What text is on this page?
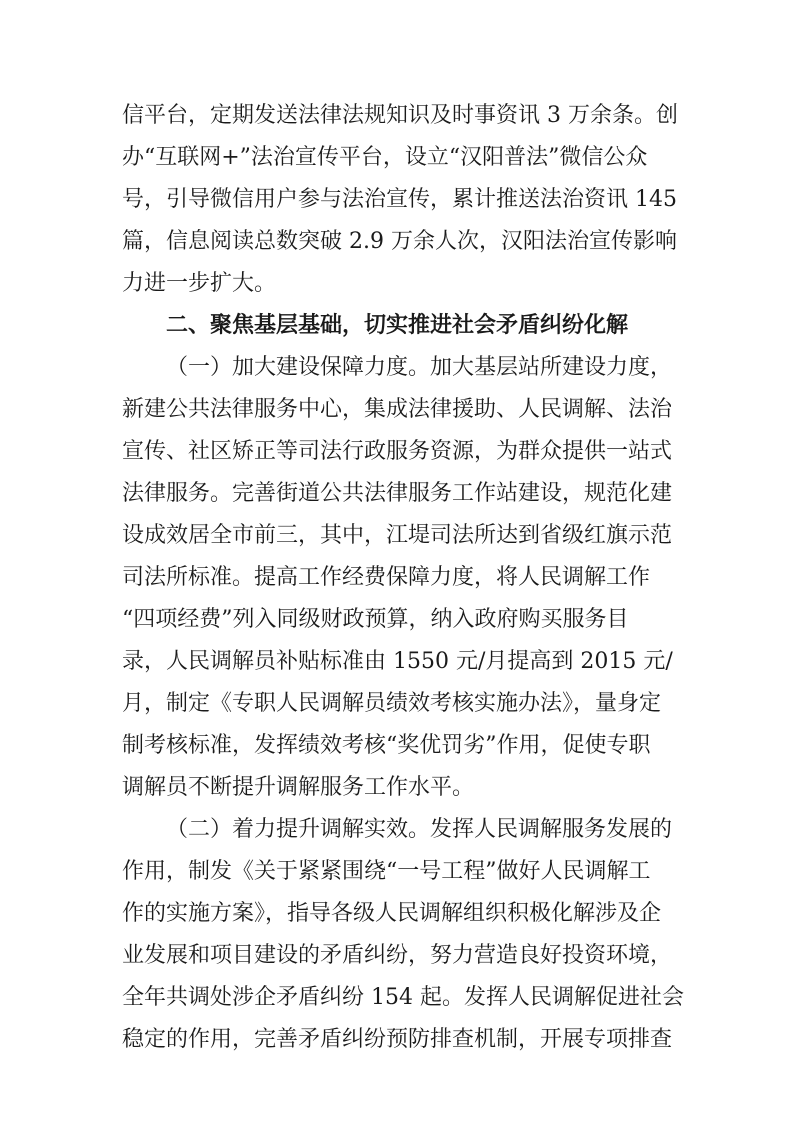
信平台，定期发送法律法规知识及时事资讯 3 万余条。创
办“互联网+”法治宣传平台，设立“汉阳普法”微信公众
号，引导微信用户参与法治宣传，累计推送法治资讯 145
篇，信息阅读总数突破 2.9 万余人次，汉阳法治宣传影响
力进一步扩大。
二、聚焦基层基础，切实推进社会矛盾纠纷化解
（一）加大建设保障力度。加大基层站所建设力度，
新建公共法律服务中心，集成法律援助、人民调解、法治
宣传、社区矫正等司法行政服务资源，为群众提供一站式
法律服务。完善街道公共法律服务工作站建设，规范化建
设成效居全市前三，其中，江堤司法所达到省级红旗示范
司法所标准。提高工作经费保障力度，将人民调解工作
“四项经费”列入同级财政预算，纳入政府购买服务目
录，人民调解员补贴标准由 1550 元/月提高到 2015 元/
月，制定《专职人民调解员绩效考核实施办法》，量身定
制考核标准，发挥绩效考核“奖优罚劣”作用，促使专职
调解员不断提升调解服务工作水平。
（二）着力提升调解实效。发挥人民调解服务发展的
作用，制发《关于紧紧围绕“一号工程”做好人民调解工
作的实施方案》，指导各级人民调解组织积极化解涉及企
业发展和项目建设的矛盾纠纷，努力营造良好投资环境，
全年共调处涉企矛盾纠纷 154 起。发挥人民调解促进社会
稳定的作用，完善矛盾纠纷预防排查机制，开展专项排查
